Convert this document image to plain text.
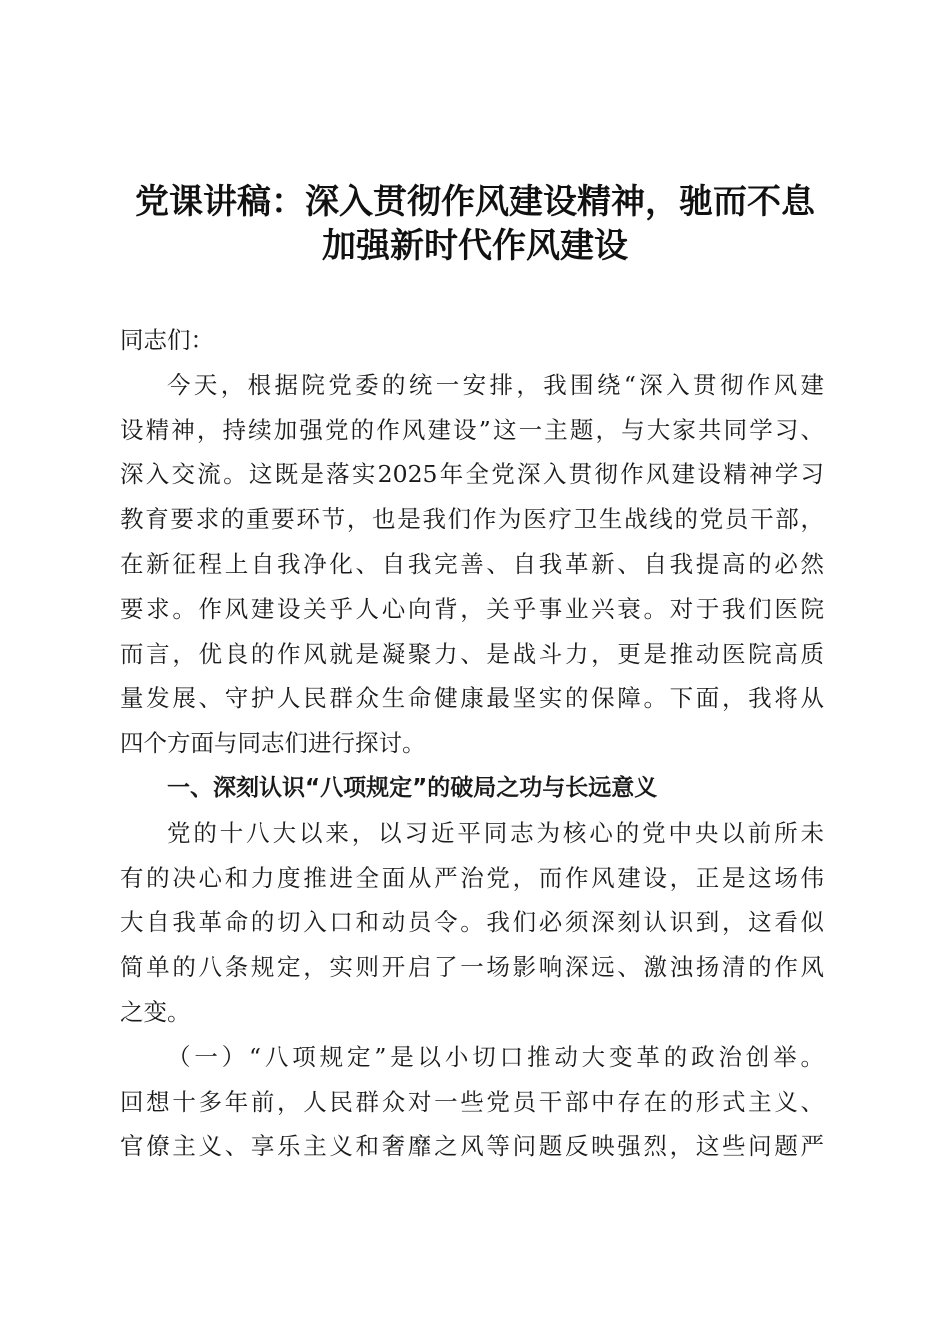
党课讲稿：深入贯彻作风建设精神，驰而不息
加强新时代作风建设
同志们：
今天，根据院党委的统一安排，我围绕“深入贯彻作风建
设精神，持续加强党的作风建设”这一主题，与大家共同学习、
深入交流。这既是落实2025年全党深入贯彻作风建设精神学习
教育要求的重要环节，也是我们作为医疗卫生战线的党员干部，
在新征程上自我净化、自我完善、自我革新、自我提高的必然
要求。作风建设关乎人心向背，关乎事业兴衰。对于我们医院
而言，优良的作风就是凝聚力、是战斗力，更是推动医院高质
量发展、守护人民群众生命健康最坚实的保障。下面，我将从
四个方面与同志们进行探讨。
一、深刻认识“八项规定”的破局之功与长远意义
党的十八大以来，以习近平同志为核心的党中央以前所未
有的决心和力度推进全面从严治党，而作风建设，正是这场伟
大自我革命的切入口和动员令。我们必须深刻认识到，这看似
简单的八条规定，实则开启了一场影响深远、激浊扬清的作风
之变。
（一）“八项规定”是以小切口推动大变革的政治创举。
回想十多年前，人民群众对一些党员干部中存在的形式主义、
官僚主义、享乐主义和奢靡之风等问题反映强烈，这些问题严
